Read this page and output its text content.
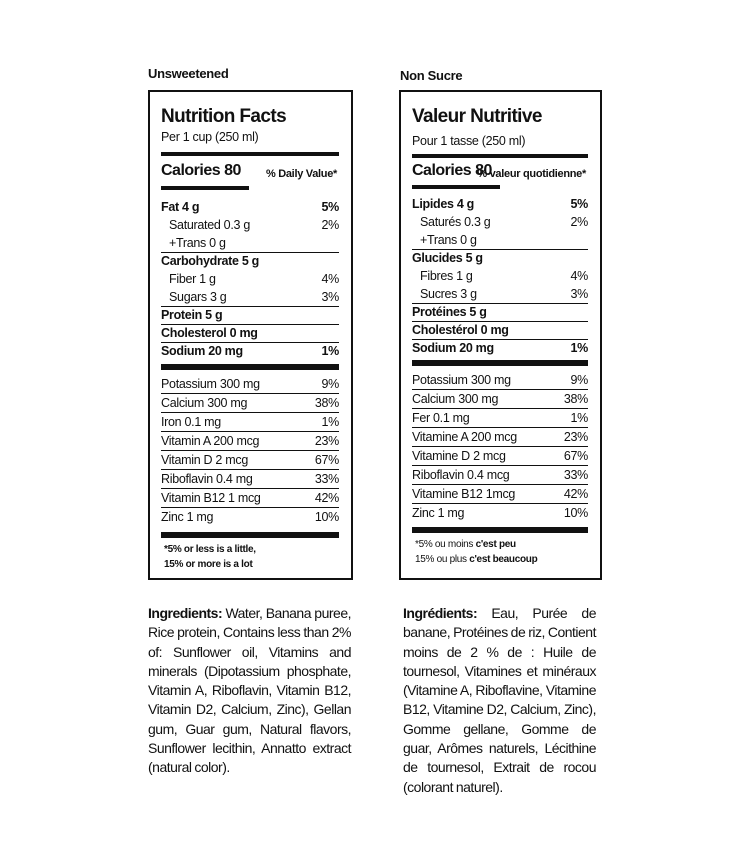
Unsweetened
Nutrition Facts
Per 1 cup (250 ml)
Calories 80 % Daily Value*
Fat 4 g	5%
Saturated 0.3 g	2%
+Trans 0 g
Carbohydrate 5 g
Fiber 1 g	4%
Sugars 3 g	3%
Protein 5 g
Cholesterol 0 mg
Sodium 20 mg	1%
Potassium 300 mg	9%
Calcium 300 mg	38%
Iron 0.1 mg	1%
Vitamin A 200 mcg	23%
Vitamin D 2 mcg	67%
Riboflavin 0.4 mg	33%
Vitamin B12 1 mcg	42%
Zinc 1 mg	10%
*5% or less is a little,
15% or more is a lot
Ingredients: Water, Banana puree, Rice protein, Contains less than 2% of: Sunflower oil, Vitamins and minerals (Dipotassium phosphate, Vitamin A, Riboflavin, Vitamin B12, Vitamin D2, Calcium, Zinc), Gellan gum, Guar gum, Natural flavors, Sunflower lecithin, Annatto extract (natural color).
Non Sucre
Valeur Nutritive
Pour 1 tasse (250 ml)
Calories 80
% valeur quotidienne*
Lipides 4 g	5%
Saturés 0.3 g	2%
+Trans 0 g
Glucides 5 g
Fibres 1 g	4%
Sucres 3 g	3%
Protéines 5 g
Cholestérol 0 mg
Sodium 20 mg	1%
Potassium 300 mg	9%
Calcium 300 mg	38%
Fer 0.1 mg	1%
Vitamine A 200 mcg	23%
Vitamine D 2 mcg	67%
Riboflavin 0.4 mcg	33%
Vitamine B12 1mcg	42%
Zinc 1 mg	10%
*5% ou moins c'est peu
15% ou plus c'est beaucoup
Ingrédients: Eau, Purée de banane, Protéines de riz, Contient moins de 2 % de : Huile de tournesol, Vitamines et minéraux (Vitamine A, Riboflavine, Vitamine B12, Vitamine D2, Calcium, Zinc), Gomme gellane, Gomme de guar, Arômes naturels, Lécithine de tournesol, Extrait de rocou (colorant naturel).
